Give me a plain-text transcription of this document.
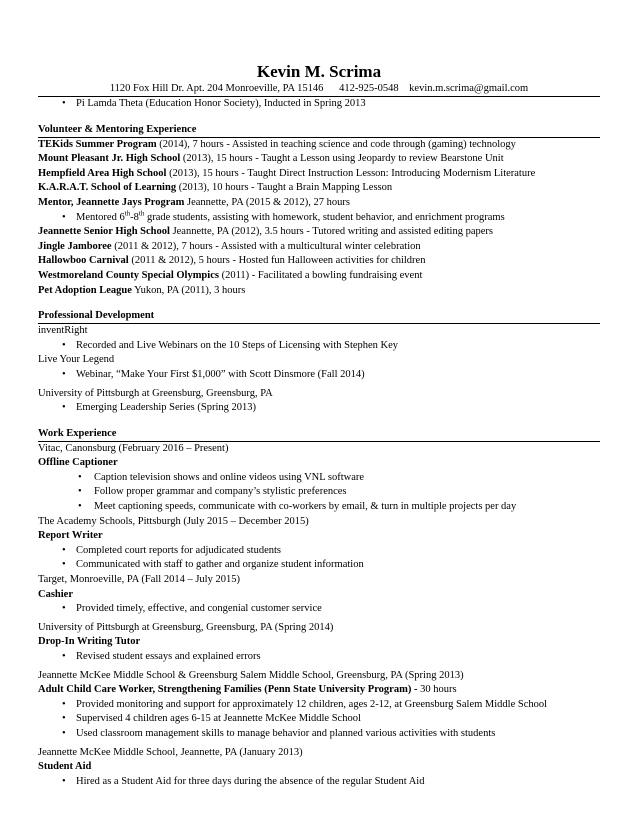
Kevin M. Scrima
1120 Fox Hill Dr. Apt. 204 Monroeville, PA 15146      412-925-0548    kevin.m.scrima@gmail.com
• Pi Lamda Theta (Education Honor Society), Inducted in Spring 2013
Volunteer & Mentoring Experience
TEKids Summer Program (2014), 7 hours - Assisted in teaching science and code through (gaming) technology
Mount Pleasant Jr. High School (2013), 15 hours - Taught a Lesson using Jeopardy to review Bearstone Unit
Hempfield Area High School (2013), 15 hours - Taught Direct Instruction Lesson: Introducing Modernism Literature
K.A.R.A.T. School of Learning (2013), 10 hours - Taught a Brain Mapping Lesson
Mentor, Jeannette Jays Program Jeannette, PA (2015 & 2012), 27 hours
• Mentored 6th-8th grade students, assisting with homework, student behavior, and enrichment programs
Jeannette Senior High School Jeannette, PA (2012), 3.5 hours - Tutored writing and assisted editing papers
Jingle Jamboree (2011 & 2012), 7 hours - Assisted with a multicultural winter celebration
Hallowboo Carnival (2011 & 2012), 5 hours - Hosted fun Halloween activities for children
Westmoreland County Special Olympics (2011) - Facilitated a bowling fundraising event
Pet Adoption League Yukon, PA (2011), 3 hours
Professional Development
inventRight
• Recorded and Live Webinars on the 10 Steps of Licensing with Stephen Key
Live Your Legend
• Webinar, “Make Your First $1,000” with Scott Dinsmore (Fall 2014)
University of Pittsburgh at Greensburg, Greensburg, PA
• Emerging Leadership Series (Spring 2013)
Work Experience
Vitac, Canonsburg (February 2016 – Present)
Offline Captioner
• Caption television shows and online videos using VNL software
• Follow proper grammar and company’s stylistic preferences
• Meet captioning speeds, communicate with co-workers by email, & turn in multiple projects per day
The Academy Schools, Pittsburgh (July 2015 – December 2015)
Report Writer
• Completed court reports for adjudicated students
• Communicated with staff to gather and organize student information
Target, Monroeville, PA (Fall 2014 – July 2015)
Cashier
• Provided timely, effective, and congenial customer service
University of Pittsburgh at Greensburg, Greensburg, PA (Spring 2014)
Drop-In Writing Tutor
• Revised student essays and explained errors
Jeannette McKee Middle School & Greensburg Salem Middle School, Greensburg, PA (Spring 2013)
Adult Child Care Worker, Strengthening Families (Penn State University Program) - 30 hours
• Provided monitoring and support for approximately 12 children, ages 2-12, at Greensburg Salem Middle School
• Supervised 4 children ages 6-15 at Jeannette McKee Middle School
• Used classroom management skills to manage behavior and planned various activities with students
Jeannette McKee Middle School, Jeannette, PA (January 2013)
Student Aid
• Hired as a Student Aid for three days during the absence of the regular Student Aid
